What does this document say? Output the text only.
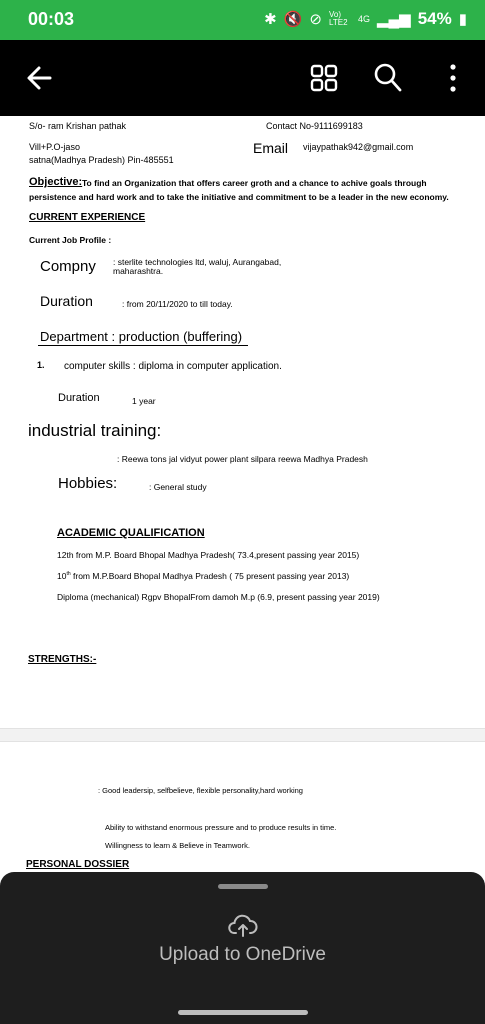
00:03	✱ 🔇 ⊘ Vo) LTE2	4G ▂▄▆ 54% ▮
S/o- ram Krishan pathak	Contact No-9111699183
Vill+P.O-jaso	Email vijaypathak942@gmail.com
satna(Madhya Pradesh) Pin-485551
Objective: To find an Organization that offers career groth and a chance to achive goals through
persistence and hard work and to take the initiative and commitment to be a leader in the new economy.
CURRENT EXPERIENCE
Current Job Profile :
Compny : sterlite technologies ltd, waluj, Aurangabad,
maharashtra.
Duration	: from 20/11/2020 to till today.
Department : production (buffering)
1. computer skills : diploma in computer application.
Duration	1 year
industrial training:
: Reewa tons jal vidyut power plant silpara reewa Madhya Pradesh
Hobbies:	: General study
ACADEMIC QUALIFICATION
12th from M.P. Board Bhopal Madhya Pradesh( 73.4,present passing year 2015)
10th from M.P.Board Bhopal Madhya Pradesh ( 75 present passing year 2013)
Diploma (mechanical) Rgpv BhopalFrom damoh M.p (6.9, present passing year 2019)
STRENGTHS:-
: Good leadersip, selfbelieve, flexible personality,hard working
Ability to withstand enormous pressure and to produce results in time.
Willingness to learn & Believe in Teamwork.
PERSONAL DOSSIER
Upload to OneDrive
